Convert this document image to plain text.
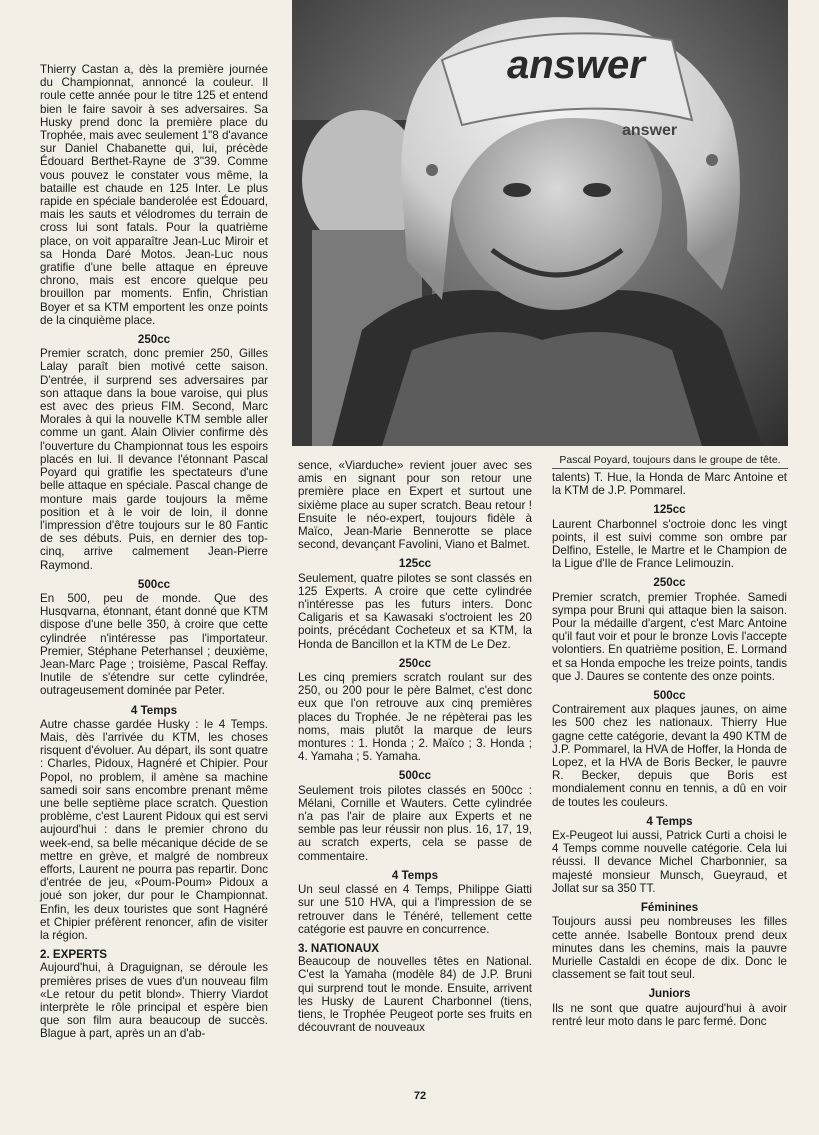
answer
answer
Pascal Poyard, toujours dans le groupe de tête.

Thierry Castan a, dès la première journée du Championnat, annoncé la couleur. Il roule cette année pour le titre 125 et entend bien le faire savoir à ses adversaires. Sa Husky prend donc la première place du Trophée, mais avec seulement 1"8 d'avance sur Daniel Chabanette qui, lui, précède Édouard Berthet-Rayne de 3"39. Comme vous pouvez le constater vous même, la bataille est chaude en 125 Inter. Le plus rapide en spéciale banderolée est Édouard, mais les sauts et vélodromes du terrain de cross lui sont fatals. Pour la quatrième place, on voit apparaître Jean-Luc Miroir et sa Honda Daré Motos. Jean-Luc nous gratifie d'une belle attaque en épreuve chrono, mais est encore quelque peu brouillon par moments. Enfin, Christian Boyer et sa KTM emportent les onze points de la cinquième place.

250cc

Premier scratch, donc premier 250, Gilles Lalay paraît bien motivé cette saison. D'entrée, il surprend ses adversaires par son attaque dans la boue varoise, qui plus est avec des prieus FIM. Second, Marc Morales à qui la nouvelle KTM semble aller comme un gant. Alain Olivier confirme dès l'ouverture du Championnat tous les espoirs placés en lui. Il devance l'étonnant Pascal Poyard qui gratifie les spectateurs d'une belle attaque en spéciale. Pascal change de monture mais garde toujours la même position et à le voir de loin, il donne l'impression d'être toujours sur le 80 Fantic de ses débuts. Puis, en dernier des top-cinq, arrive calmement Jean-Pierre Raymond.

500cc

En 500, peu de monde. Que des Husqvarna, étonnant, étant donné que KTM dispose d'une belle 350, à croire que cette cylindrée n'intéresse pas l'importateur. Premier, Stéphane Peterhansel ; deuxième, Jean-Marc Page ; troisième, Pascal Reffay. Inutile de s'étendre sur cette cylindrée, outrageusement dominée par Peter.

4 Temps

Autre chasse gardée Husky : le 4 Temps. Mais, dès l'arrivée du KTM, les choses risquent d'évoluer. Au départ, ils sont quatre : Charles, Pidoux, Hagnéré et Chipier. Pour Popol, no problem, il amène sa machine samedi soir sans encombre prenant même une belle septième place scratch. Question problème, c'est Laurent Pidoux qui est servi aujourd'hui : dans le premier chrono du week-end, sa belle mécanique décide de se mettre en grève, et malgré de nombreux efforts, Laurent ne pourra pas repartir. Donc d'entrée de jeu, «Poum-Poum» Pidoux a joué son joker, dur pour le Championnat. Enfin, les deux touristes que sont Hagnéré et Chipier préfèrent renoncer, afin de visiter la région.

2. EXPERTS

Aujourd'hui, à Draguignan, se déroule les premières prises de vues d'un nouveau film «Le retour du petit blond». Thierry Viardot interprète le rôle principal et espère bien que son film aura beaucoup de succès. Blague à part, après un an d'ab-

sence, «Viarduche» revient jouer avec ses amis en signant pour son retour une première place en Expert et surtout une sixième place au super scratch. Beau retour ! Ensuite le néo-expert, toujours fidèle à Maïco, Jean-Marie Bennerotte se place second, devançant Favolini, Viano et Balmet.

125cc

Seulement, quatre pilotes se sont classés en 125 Experts. A croire que cette cylindrée n'intéresse pas les futurs inters. Donc Caligaris et sa Kawasaki s'octroient les 20 points, précédant Cocheteux et sa KTM, la Honda de Bancillon et la KTM de Le Dez.

250cc

Les cinq premiers scratch roulant sur des 250, ou 200 pour le père Balmet, c'est donc eux que l'on retrouve aux cinq premières places du Trophée. Je ne répèterai pas les noms, mais plutôt la marque de leurs montures : 1. Honda ; 2. Maïco ; 3. Honda ; 4. Yamaha ; 5. Yamaha.

500cc

Seulement trois pilotes classés en 500cc : Mélani, Cornille et Wauters. Cette cylindrée n'a pas l'air de plaire aux Experts et ne semble pas leur réussir non plus. 16, 17, 19, au scratch experts, cela se passe de commentaire.

4 Temps

Un seul classé en 4 Temps, Philippe Giatti sur une 510 HVA, qui a l'impression de se retrouver dans le Ténéré, tellement cette catégorie est pauvre en concurrence.

3. NATIONAUX

Beaucoup de nouvelles têtes en National. C'est la Yamaha (modèle 84) de J.P. Bruni qui surprend tout le monde. Ensuite, arrivent les Husky de Laurent Charbonnel (tiens, tiens, le Trophée Peugeot porte ses fruits en découvrant de nouveaux

talents) T. Hue, la Honda de Marc Antoine et la KTM de J.P. Pommarel.

125cc

Laurent Charbonnel s'octroie donc les vingt points, il est suivi comme son ombre par Delfino, Estelle, le Martre et le Champion de la Ligue d'Ile de France Lelimouzin.

250cc

Premier scratch, premier Trophée. Samedi sympa pour Bruni qui attaque bien la saison. Pour la médaille d'argent, c'est Marc Antoine qu'il faut voir et pour le bronze Lovis l'accepte volontiers. En quatrième position, E. Lormand et sa Honda empoche les treize points, tandis que J. Daures se contente des onze points.

500cc

Contrairement aux plaques jaunes, on aime les 500 chez les nationaux. Thierry Hue gagne cette catégorie, devant la 490 KTM de J.P. Pommarel, la HVA de Hoffer, la Honda de Lopez, et la HVA de Boris Becker, le pauvre R. Becker, depuis que Boris est mondialement connu en tennis, a dû en voir de toutes les couleurs.

4 Temps

Ex-Peugeot lui aussi, Patrick Curti a choisi le 4 Temps comme nouvelle catégorie. Cela lui réussi. Il devance Michel Charbonnier, sa majesté monsieur Munsch, Gueyraud, et Jollat sur sa 350 TT.

Féminines

Toujours aussi peu nombreuses les filles cette année. Isabelle Bontoux prend deux minutes dans les chemins, mais la pauvre Murielle Castaldi en écope de dix. Donc le classement se fait tout seul.

Juniors

Ils ne sont que quatre aujourd'hui à avoir rentré leur moto dans le parc fermé. Donc

72
